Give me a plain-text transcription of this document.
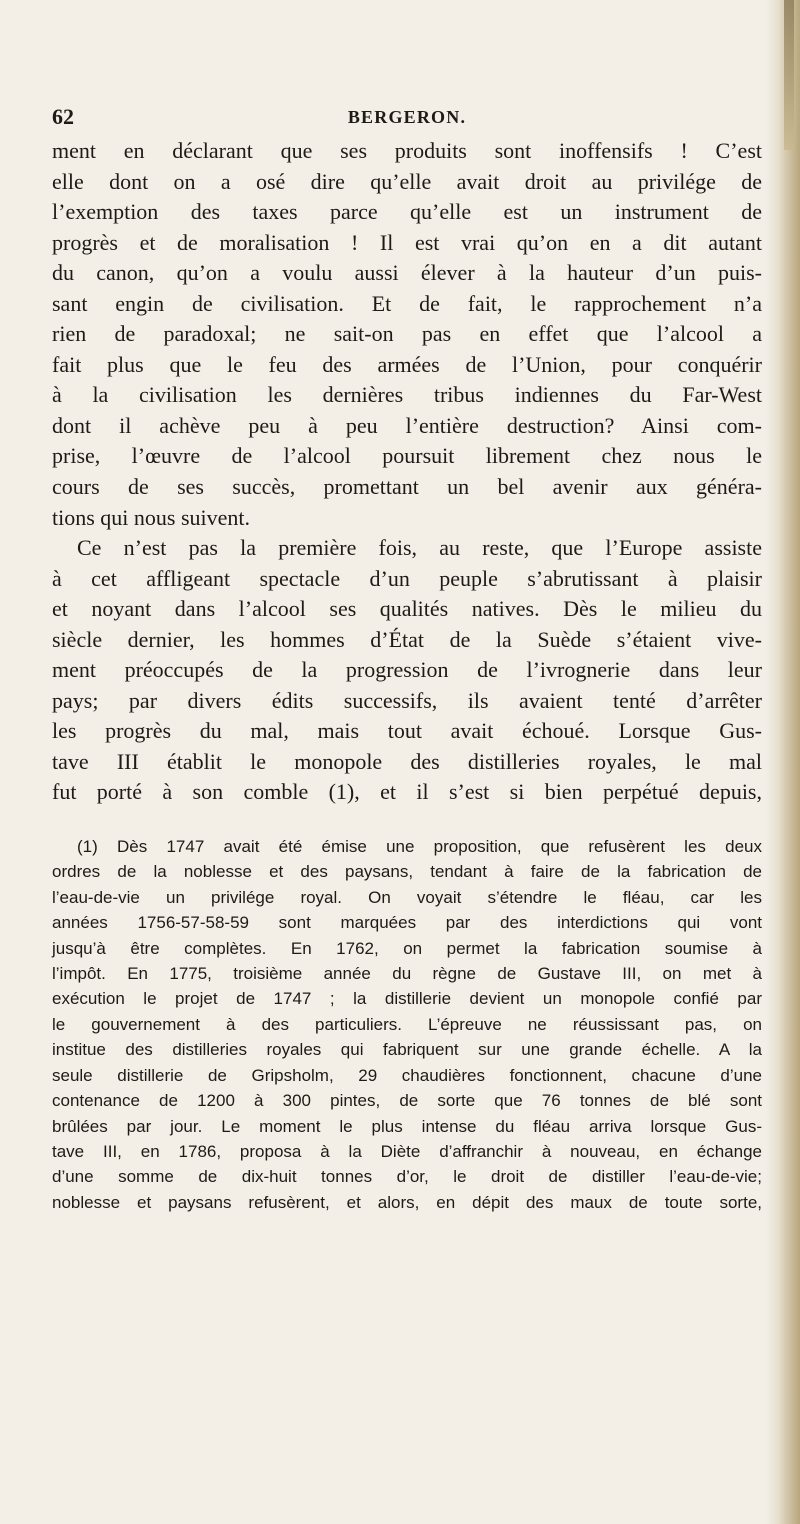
62	BERGERON.
ment en déclarant que ses produits sont inoffensifs ! C’est
elle dont on a osé dire qu’elle avait droit au privilége de
l’exemption des taxes parce qu’elle est un instrument de
progrès et de moralisation ! Il est vrai qu’on en a dit autant
du canon, qu’on a voulu aussi élever à la hauteur d’un puis-
sant engin de civilisation. Et de fait, le rapprochement n’a
rien de paradoxal; ne sait-on pas en effet que l’alcool a
fait plus que le feu des armées de l’Union, pour conquérir
à la civilisation les dernières tribus indiennes du Far-West
dont il achève peu à peu l’entière destruction? Ainsi com-
prise, l’œuvre de l’alcool poursuit librement chez nous le
cours de ses succès, promettant un bel avenir aux généra-
tions qui nous suivent.
Ce n’est pas la première fois, au reste, que l’Europe assiste
à cet affligeant spectacle d’un peuple s’abrutissant à plaisir
et noyant dans l’alcool ses qualités natives. Dès le milieu du
siècle dernier, les hommes d’État de la Suède s’étaient vive-
ment préoccupés de la progression de l’ivrognerie dans leur
pays; par divers édits successifs, ils avaient tenté d’arrêter
les progrès du mal, mais tout avait échoué. Lorsque Gus-
tave III établit le monopole des distilleries royales, le mal
fut porté à son comble (1), et il s’est si bien perpétué depuis,
(1) Dès 1747 avait été émise une proposition, que refusèrent les deux
ordres de la noblesse et des paysans, tendant à faire de la fabrication de
l’eau-de-vie un privilége royal. On voyait s’étendre le fléau, car les
années 1756-57-58-59 sont marquées par des interdictions qui vont
jusqu’à être complètes. En 1762, on permet la fabrication soumise à
l’impôt. En 1775, troisième année du règne de Gustave III, on met à
exécution le projet de 1747 ; la distillerie devient un monopole confié par
le gouvernement à des particuliers. L’épreuve ne réussissant pas, on
institue des distilleries royales qui fabriquent sur une grande échelle. A la
seule distillerie de Gripsholm, 29 chaudières fonctionnent, chacune d’une
contenance de 1200 à 300 pintes, de sorte que 76 tonnes de blé sont
brûlées par jour. Le moment le plus intense du fléau arriva lorsque Gus-
tave III, en 1786, proposa à la Diète d’affranchir à nouveau, en échange
d’une somme de dix-huit tonnes d’or, le droit de distiller l’eau-de-vie;
noblesse et paysans refusèrent, et alors, en dépit des maux de toute sorte,
